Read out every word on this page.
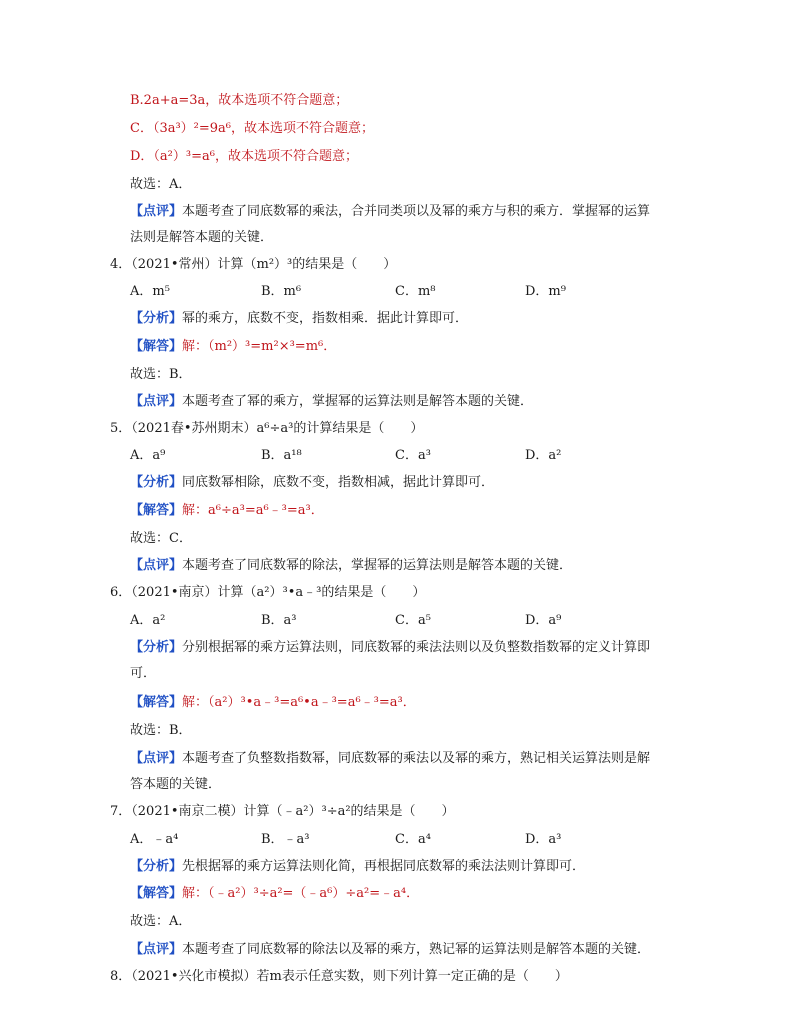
B.2a+a=3a，故本选项不符合题意；
C．（3a³）²=9a⁶，故本选项不符合题意；
D．（a²）³=a⁶，故本选项不符合题意；
故选：A．
【点评】本题考查了同底数幂的乘法，合并同类项以及幂的乘方与积的乘方．掌握幂的运算
法则是解答本题的关键．
4．（2021•常州）计算（m²）³的结果是（　　）
A．m⁵	B．m⁶	C．m⁸	D．m⁹
【分析】幂的乘方，底数不变，指数相乘．据此计算即可．
【解答】解：（m²）³=m²×³=m⁶．
故选：B．
【点评】本题考查了幂的乘方，掌握幂的运算法则是解答本题的关键．
5．（2021春•苏州期末）a⁶÷a³的计算结果是（　　）
A．a⁹	B．a¹⁸	C．a³	D．a²
【分析】同底数幂相除，底数不变，指数相减，据此计算即可．
【解答】解：a⁶÷a³=a⁶﹣³=a³．
故选：C．
【点评】本题考查了同底数幂的除法，掌握幂的运算法则是解答本题的关键．
6．（2021•南京）计算（a²）³•a﹣³的结果是（　　）
A．a²	B．a³	C．a⁵	D．a⁹
【分析】分别根据幂的乘方运算法则，同底数幂的乘法法则以及负整数指数幂的定义计算即
可．
【解答】解：（a²）³•a﹣³=a⁶•a﹣³=a⁶﹣³=a³．
故选：B．
【点评】本题考查了负整数指数幂，同底数幂的乘法以及幂的乘方，熟记相关运算法则是解
答本题的关键．
7．（2021•南京二模）计算（﹣a²）³÷a²的结果是（　　）
A．﹣a⁴	B．﹣a³	C．a⁴	D．a³
【分析】先根据幂的乘方运算法则化简，再根据同底数幂的乘法法则计算即可．
【解答】解：（﹣a²）³÷a²=（﹣a⁶）÷a²=﹣a⁴．
故选：A．
【点评】本题考查了同底数幂的除法以及幂的乘方，熟记幂的运算法则是解答本题的关键．
8．（2021•兴化市模拟）若m表示任意实数，则下列计算一定正确的是（　　）
